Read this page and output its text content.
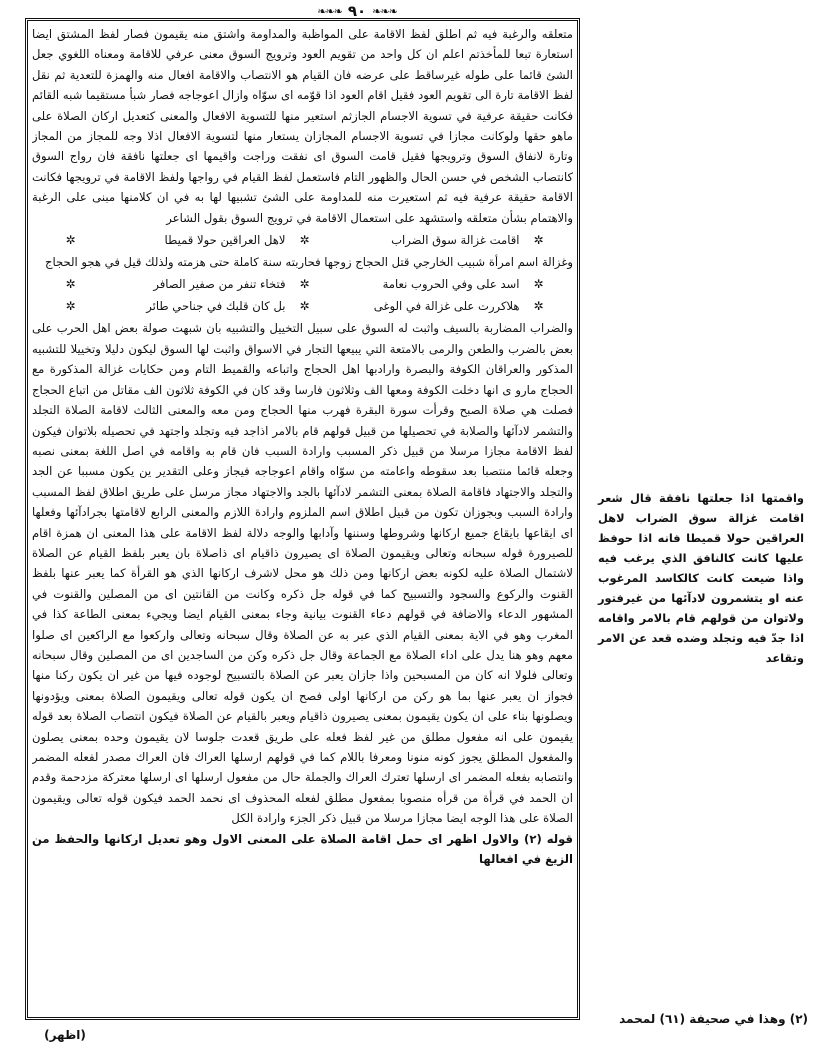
❧❧❧ ٩٠ ❧❧❧

متعلقه والرغبة فيه ثم اطلق لفظ الاقامة على المواظبة والمداومة واشتق منه يقيمون فصار لفظ المشتق ايضا استعارة تبعا للمأخذتم اعلم ان كل واحد من تقويم العود وترويج السوق معنى عرفي للاقامة ومعناه اللغوي جعل الشئ قائما على طوله غيرساقط على عرضه فان القيام هو الانتصاب والاقامة افعال منه والهمزة للتعدية ثم نقل لفظ الاقامة تارة الى تقويم العود فقيل اقام العود اذا قوّمه اى سوّاه وازال اعوجاجه فصار شبأ مستقيما شبه القائم فكانت حقيقة عرفية في تسوية الاجسام الجازثم استعير منها للتسوية الافعال والمعنى كتعديل اركان الصلاة على ماهو حقها ولوكانت مجازا في تسوية الاجسام المجازان يستعار منها لتسوية الافعال اذلا وجه للمجاز من المجاز وتارة لانفاق السوق وترويجها فقيل قامت السوق اى نفقت وراجت واقيمها اى جعلتها نافقة فان رواج السوق كانتصاب الشخص في حسن الحال والظهور التام فاستعمل لفظ القيام في رواجها ولفظ الاقامة في ترويجها فكانت الاقامة حقيقة عرفية فيه ثم استعيرت منه للمداومة على الشئ تشبيها لها به في ان كلامنها مبنى على الرغبة والاهتمام بشأن متعلقه واستشهد على استعمال الاقامة في ترويج السوق بقول الشاعر

✲
اقامت غزالة سوق الضراب
✲
لاهل العراقين حولا قميطا
✲

وغزالة اسم امرأة شبيب الخارجي قتل الحجاج زوجها فحاربته سنة كاملة حتى هزمته ولذلك قيل في هجو الحجاج

✲
اسد على وفي الحروب نعامة
✲
فتخاء تنفر من صفير الصافر
✲
✲
هلاكررت على غزالة في الوغى
✲
بل كان قلبك في جناحي طائر
✲

والضراب المضاربة بالسيف واثبت له السوق على سبيل التخييل والتشبيه بان شبهت صولة بعض اهل الحرب على بعض بالضرب والطعن والرمى بالامتعة التي يبيعها التجار في الاسواق واثبت لها السوق ليكون دليلا وتخييلا للتشبيه المذكور والعراقان الكوفة والبصرة وارادبها اهل الحجاج واتباعه والقميط التام ومن حكايات غزالة المذكورة مع الحجاج مارو ى انها دخلت الكوفة ومعها الف وثلاثون فارسا وقد كان في الكوفة ثلاثون الف مقاتل من اتباع الحجاج فصلت هي صلاة الصبح وقرأت سورة البقرة فهرب منها الحجاج ومن معه والمعنى الثالث لاقامة الصلاة التجلد والتشمر لادآئها والصلابة في تحصيلها من قبيل قولهم قام بالامر اذاجد فيه وتجلد واجتهد في تحصيله بلاتوان فيكون لفظ الاقامة مجازا مرسلا من قبيل ذكر المسبب وارادة السبب فان قام به واقامه في اصل اللغة بمعنى نصبه وجعله قائما منتصبا بعد سقوطه واعامته من سوّاه واقام اعوجاجه فيجاز وعلى التقدير ين يكون مسببا عن الجد والتجلد والاجتهاد فاقامة الصلاة بمعنى التشمر لادآئها بالجد والاجتهاد مجاز مرسل على طريق اطلاق لفظ المسبب وارادة السبب وبجوزان تكون من قبيل اطلاق اسم الملزوم وارادة اللازم والمعنى الرابع لاقامتها بجرادآئها وفعلها اى ايقاعها بايقاع جميع اركانها وشروطها وسننها وآدابها والوجه دلالة لفظ الاقامة على هذا المعنى ان همزة اقام للصيرورة قوله سبحانه وتعالى ويقيمون الصلاة اى يصيرون ذاقيام اى ذاصلاة بان يعبر بلفظ القيام عن الصلاة لاشتمال الصلاة عليه لكونه بعض اركانها ومن ذلك هو محل لاشرف اركانها الذي هو القرأة كما يعبر عنها بلفظ القنوت والركوع والسجود والتسبيح كما في قوله جل ذكره وكانت من القانتين اى من المصلين والقنوت في المشهور الدعاء والاضافة في قولهم دعاء القنوت بيانية وجاء بمعنى القيام ايضا ويجيء بمعنى الطاعة كذا في المغرب وهو في الاية بمعنى القيام الذي عبر به عن الصلاة وقال سبحانه وتعالى واركعوا مع الراكعين اى صلوا معهم وهو هنا يدل على اداء الصلاة مع الجماعة وقال جل ذكره وكن من الساجدين اى من المصلين وقال سبحانه وتعالى فلولا انه كان من المسبحين واذا جازان يعبر عن الصلاة بالتسبيح لوجوده فيها من غير ان يكون ركنا منها فجواز ان يعبر عنها بما هو ركن من اركانها اولى فصح ان يكون قوله تعالى ويقيمون الصلاة بمعنى ويؤدونها ويصلونها بناء على ان يكون يقيمون بمعنى يصيرون ذاقيام ويعبر بالقيام عن الصلاة فيكون انتصاب الصلاة بعد قوله يقيمون على انه مفعول مطلق من غير لفظ فعله على طريق قعدت جلوسا لان يقيمون وحده بمعنى يصلون والمفعول المطلق يجوز كونه منونا ومعرفا باللام كما في قولهم ارسلها العراك فان العراك مصدر لفعله المضمر وانتصابه بفعله المضمر اى ارسلها تعترك العراك والجملة حال من مفعول ارسلها اى ارسلها معتركة مزدحمة وقدم ان الحمد في قرأة من قرأه منصوبا بمفعول مطلق لفعله المحذوف اى نحمد الحمد فيكون قوله تعالى ويقيمون الصلاة على هذا الوجه ايضا مجازا مرسلا من قبيل ذكر الجزء وارادة الكل

قوله (٢) والاول اظهر اى حمل اقامة الصلاة على المعنى الاول وهو تعديل اركانها والحفظ من الزيغ في افعالها

واقمتها اذا جعلتها نافقة قال شعر اقامت غزالة سوق الضراب لاهل العراقين حولا قميطا فانه اذا حوفظ عليها كانت كالنافق الذي يرغب فيه واذا ضيعت كانت كالكاسد المرغوب عنه او يتشمرون لادآئها من غيرفتور ولاتوان من قولهم قام بالامر واقامه اذا جدّ فيه وتجلد وضده قعد عن الامر وتقاعد
(٢) وهذا في صحيفة (٦١) لمحمد
(اظهر)
